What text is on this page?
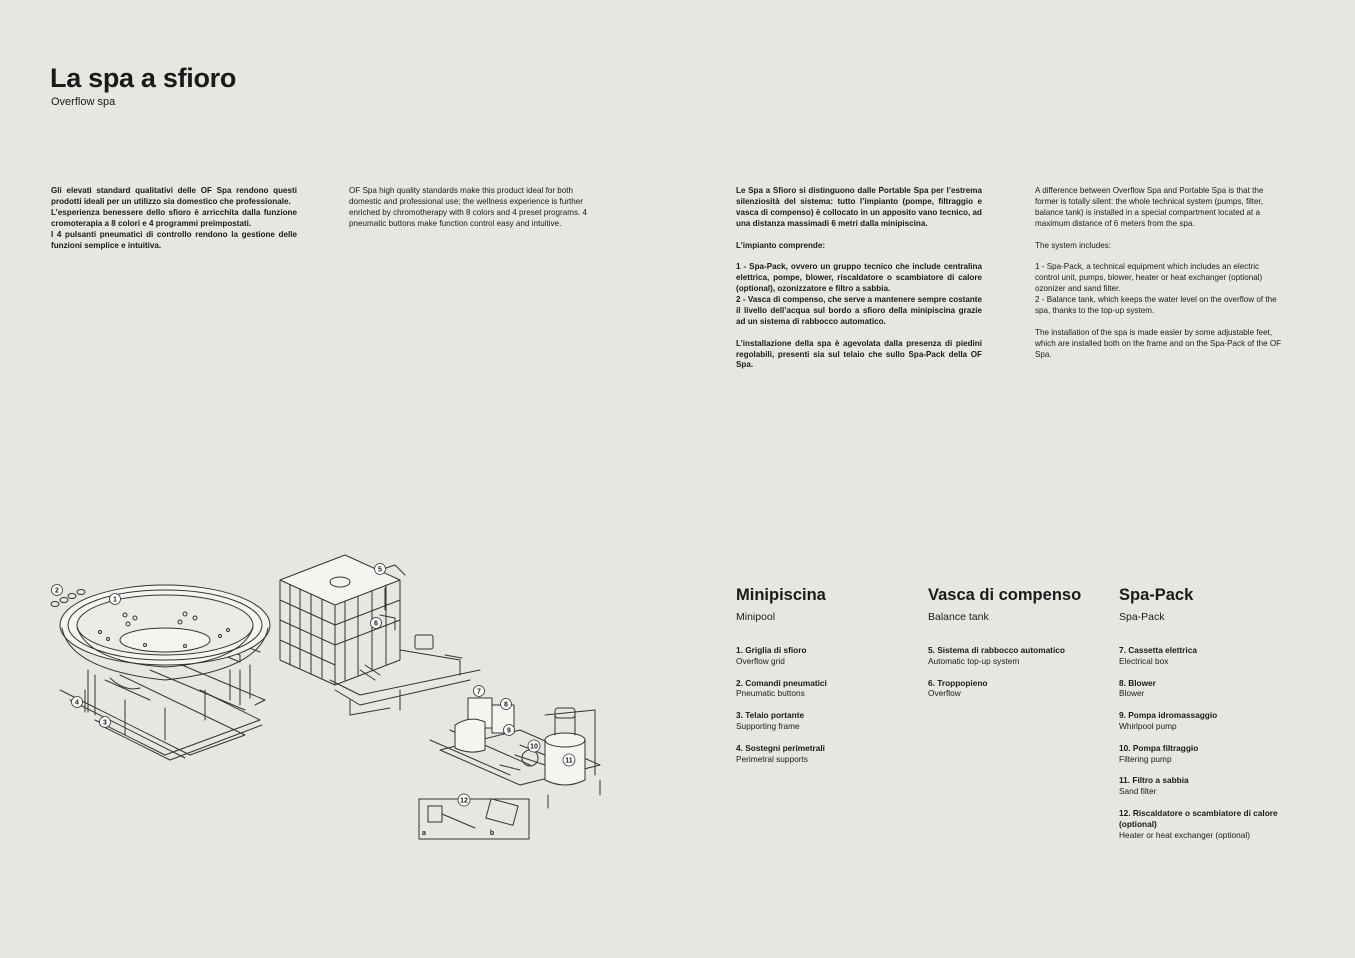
La spa a sfioro
Overflow spa
Gli elevati standard qualitativi delle OF Spa rendono questi prodotti ideali per un utilizzo sia domestico che professionale.
L’esperienza benessere dello sfioro è arricchita dalla funzione cromoterapia a 8 colori e 4 programmi preimpostati.
I 4 pulsanti pneumatici di controllo rendono la gestione delle funzioni semplice e intuitiva.
OF Spa high quality standards make this product ideal for both domestic and professional use; the wellness experience is further enriched by chromotherapy with 8 colors and 4 preset programs. 4 pneumatic buttons make function control easy and intuitive.

Le Spa a Sfioro si distinguono dalle Portable Spa per l’estrema silenziosità del sistema: tutto l’impianto (pompe, filtraggio e vasca di compenso) è collocato in un apposito vano tecnico, ad una distanza massimadi 6 metri dalla minipiscina.

L’impianto comprende:

1 - Spa-Pack, ovvero un gruppo tecnico che include centralina elettrica, pompe, blower, riscaldatore o scambiatore di calore (optional), ozonizzatore e filtro a sabbia.

2 - Vasca di compenso, che serve a mantenere sempre costante il livello dell’acqua sul bordo a sfioro della minipiscina grazie ad un sistema di rabbocco automatico.

L’installazione della spa è agevolata dalla presenza di piedini regolabili, presenti sia sul telaio che sullo Spa-Pack della OF Spa.

A difference between Overflow Spa and Portable Spa is that the former is totally silent: the whole technical system (pumps, filter, balance tank) is installed in a special compartment located at a maximum distance of 6 meters from the spa.

The system includes:

1 - Spa-Pack, a technical equipment which includes an electric control unit, pumps, blower, heater or heat exchanger (optional) ozonizer and sand filter.

2 - Balance tank, which keeps the water level on the overflow of the spa, thanks to the top-up system.

The installation of the spa is made easier by some adjustable feet, which are installed both on the frame and on the Spa-Pack of the OF Spa.

Minipiscina
Minipool
1. Griglia di sfioro
Overflow grid
2. Comandi pneumatici
Pneumatic buttons
3. Telaio portante
Supporting frame
4. Sostegni perimetrali
Perimetral supports
Vasca di compenso
Balance tank
5. Sistema di rabbocco automatico
Automatic top-up system
6. Troppopieno
Overflow
Spa-Pack
Spa-Pack
7. Cassetta elettrica
Electrical box
8. Blower
Blower
9. Pompa idromassaggio
Whirlpool pump
10. Pompa filtraggio
Filtering pump
11. Filtro a sabbia
Sand filter
12. Riscaldatore o scambiatore di calore (optional)
Heater or heat exchanger (optional)
1
2
3
4
5
6
7
8
9
10
11
12
a	b
